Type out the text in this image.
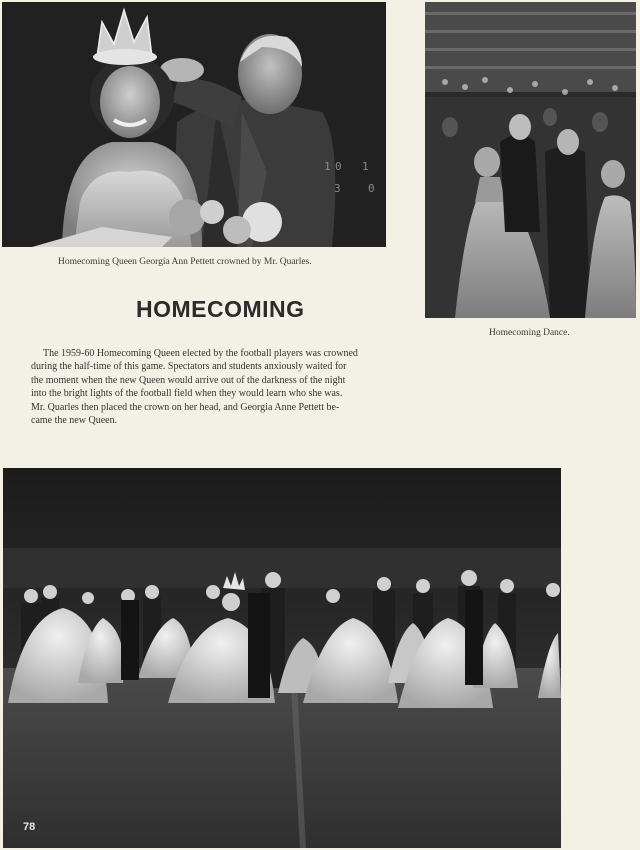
1 0 1
3 0
Homecoming Queen Georgia Ann Pettett crowned by Mr. Quarles.
Homecoming Dance.
HOMECOMING

The 1959-60 Homecoming Queen elected by the football players was crowned
during the half-time of this game. Spectators and students anxiously waited for
the moment when the new Queen would arrive out of the darkness of the night
into the bright lights of the football field when they would learn who she was.
Mr. Quarles then placed the crown on her head, and Georgia Anne Pettett be-
came the new Queen.

78
